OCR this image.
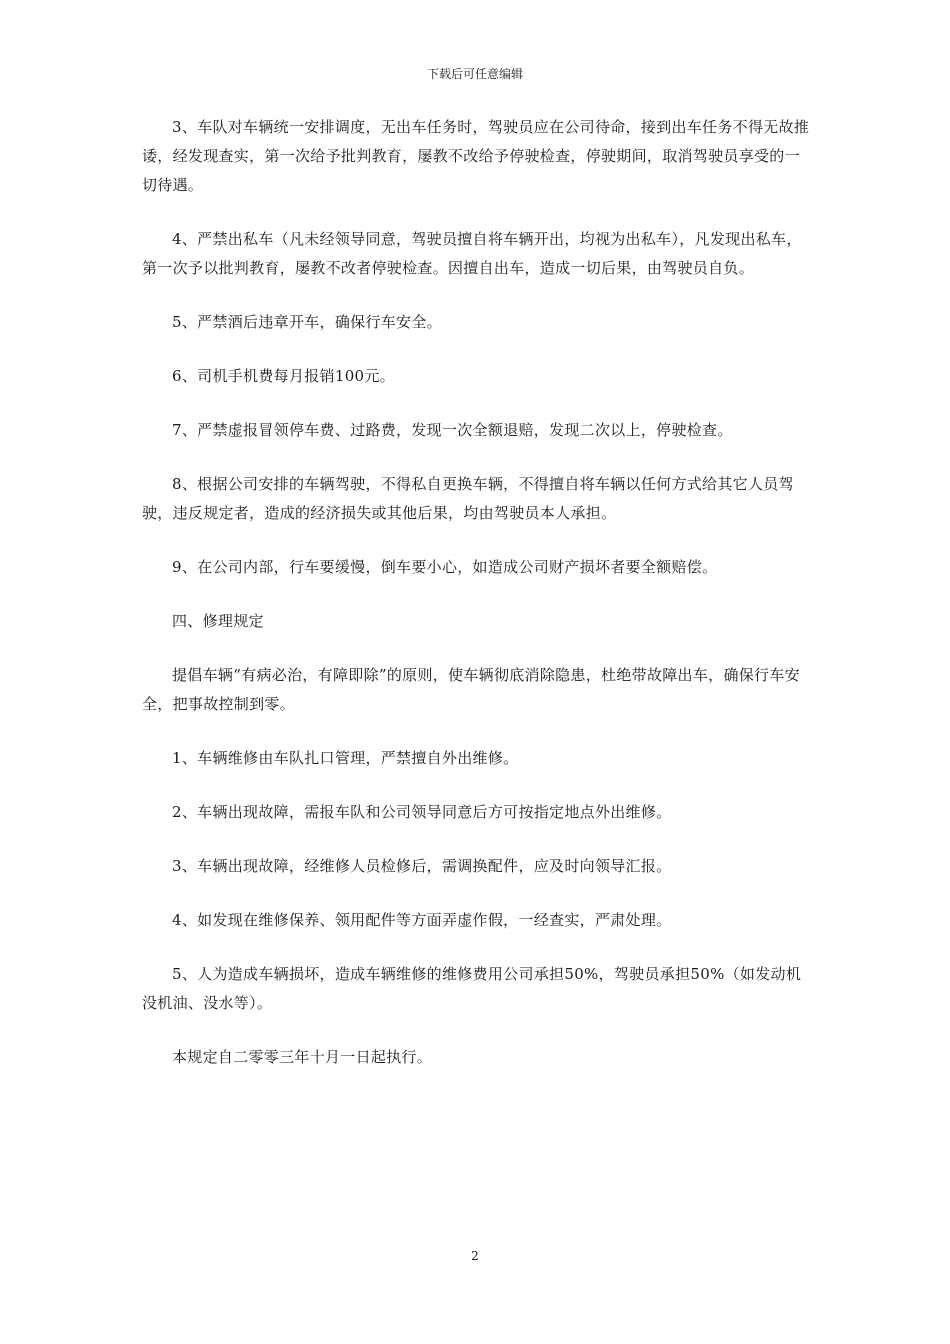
下载后可任意编辑

3、车队对车辆统一安排调度，无出车任务时，驾驶员应在公司待命，接到出车任务不得无故推诿，经发现查实，第一次给予批判教育，屡教不改给予停驶检查，停驶期间，取消驾驶员享受的一切待遇。

4、严禁出私车（凡未经领导同意，驾驶员擅自将车辆开出，均视为出私车），凡发现出私车，第一次予以批判教育，屡教不改者停驶检查。因擅自出车，造成一切后果，由驾驶员自负。

5、严禁酒后违章开车，确保行车安全。

6、司机手机费每月报销100元。

7、严禁虚报冒领停车费、过路费，发现一次全额退赔，发现二次以上，停驶检查。

8、根据公司安排的车辆驾驶，不得私自更换车辆，不得擅自将车辆以任何方式给其它人员驾驶，违反规定者，造成的经济损失或其他后果，均由驾驶员本人承担。

9、在公司内部，行车要缓慢，倒车要小心，如造成公司财产损坏者要全额赔偿。

四、修理规定

提倡车辆“有病必治，有障即除”的原则，使车辆彻底消除隐患，杜绝带故障出车，确保行车安全，把事故控制到零。

1、车辆维修由车队扎口管理，严禁擅自外出维修。

2、车辆出现故障，需报车队和公司领导同意后方可按指定地点外出维修。

3、车辆出现故障，经维修人员检修后，需调换配件，应及时向领导汇报。

4、如发现在维修保养、领用配件等方面弄虚作假，一经查实，严肃处理。

5、人为造成车辆损坏，造成车辆维修的维修费用公司承担50%，驾驶员承担50%（如发动机没机油、没水等）。

本规定自二零零三年十月一日起执行。

2
